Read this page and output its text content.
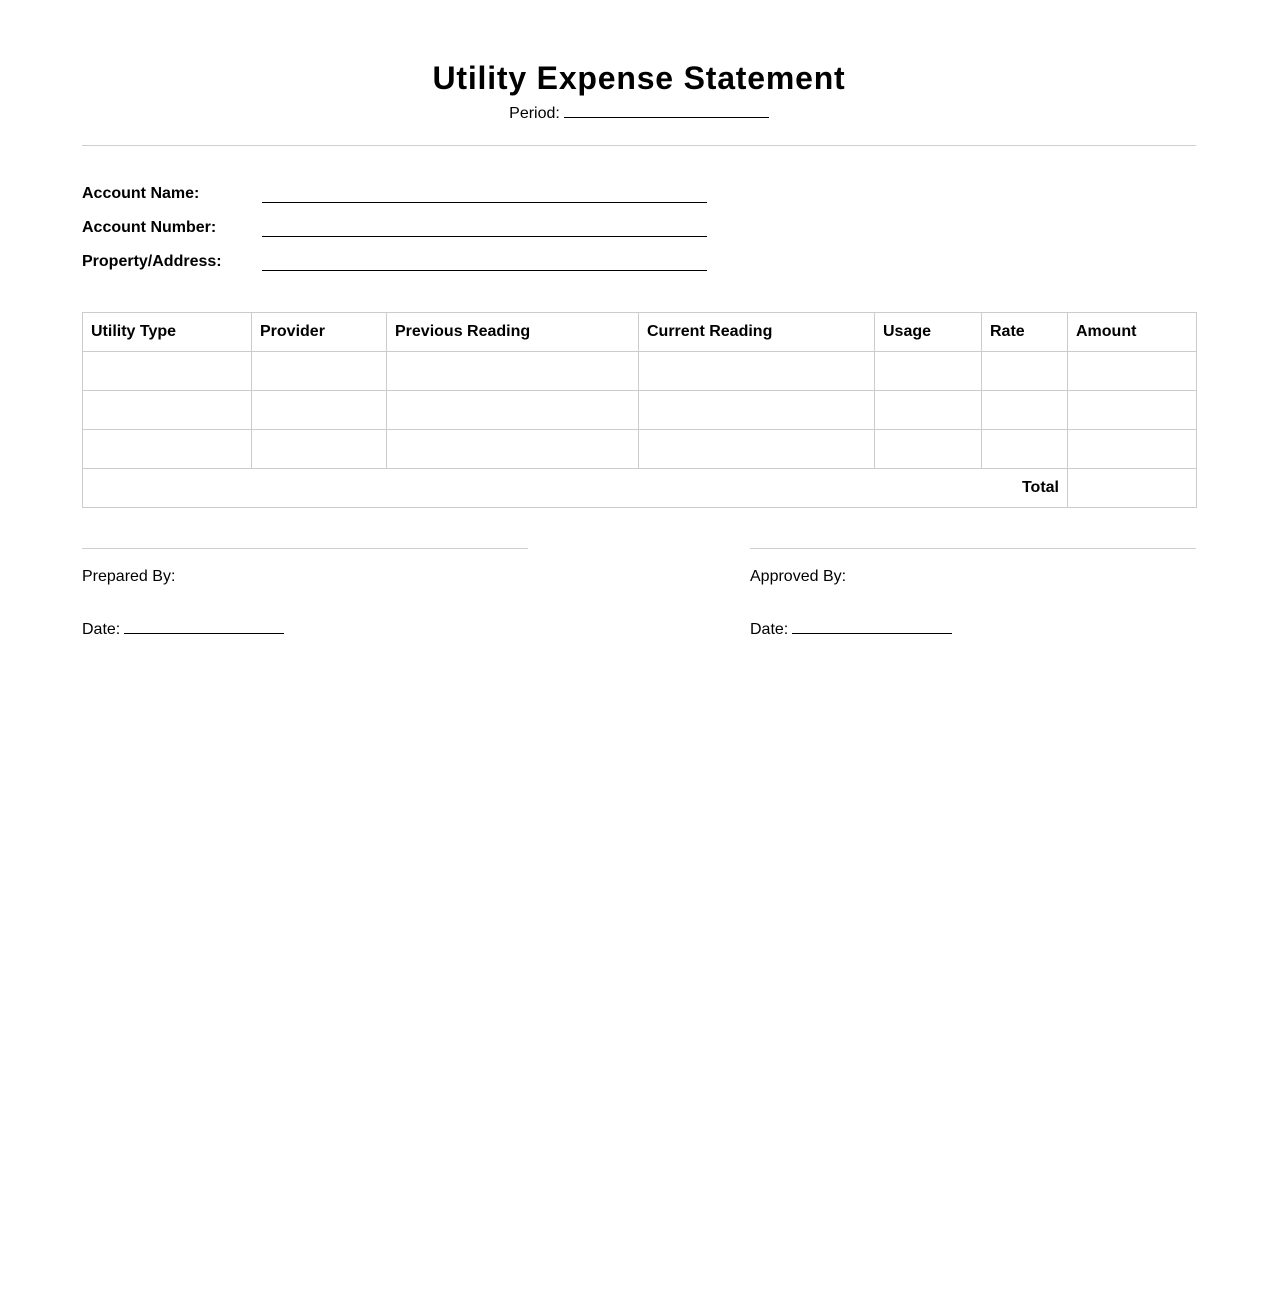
Utility Expense Statement
Period:
Account Name:
Account Number:
Property/Address:
Utility Type	Provider	Previous Reading	Current Reading	Usage	Rate	Amount

Total						
Prepared By:
Date:
Approved By:
Date:
